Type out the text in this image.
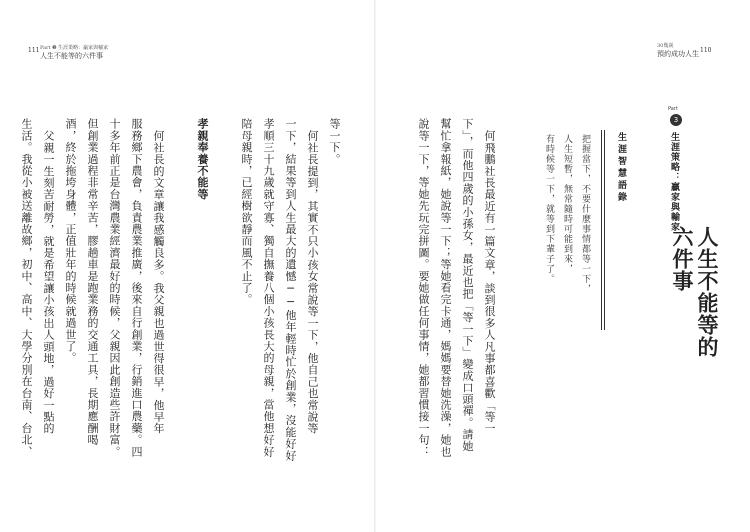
111 Part ❸ 生涯策略：贏家與輸家
人生不能等的六件事
等一下。
何社長提到，其實不只小孩女常說等一下，他自己也常說等
一下，結果等到人生最大的遺憾──他年輕時忙於創業，沒能好好
孝順三十九歲就守寡、獨自撫養八個小孩長大的母親，當他想好好
陪母親時，已經樹欲靜而風不止了。
孝親奉養不能等
何社長的文章讓我感觸良多。我父親也過世得很早，他早年
服務鄉下農會，負責農業推廣，後來自行創業，行銷進口農藥。四
十多年前正是台灣農業經濟最好的時候，父親因此創造些許財富。
但創業過程非常辛苦，膠趟車是跑業務的交通工具，長期應酬喝
酒，終於拖垮身體，正值壯年的時候就過世了。
父親一生刻苦耐勞，就是希望讓小孩出人頭地，過好一點的
生活。我從小被送離故鄉，初中、高中、大學分別在台南、台北、
30幾歲
預約成功人生 110
Part
3
生涯策略：贏家與輸家
人生不能等的
六件事
生涯智慧語錄
把握當下，不要什麼事情都等一下，
人生短暫，無常隨時可能到來，
有時候等一下，就等到下輩子了。
何飛鵬社長最近有一篇文章，談到很多人凡事都喜歡「等一
下」，而他四歲的小孫女，最近也把「等一下」變成口頭禪。請她
幫忙拿報紙，她說等一下；等她看完卡通，媽媽要替她洗澡，她也
說等一下，等她先玩完拼圖。要她做任何事情，她都習慣接一句：
